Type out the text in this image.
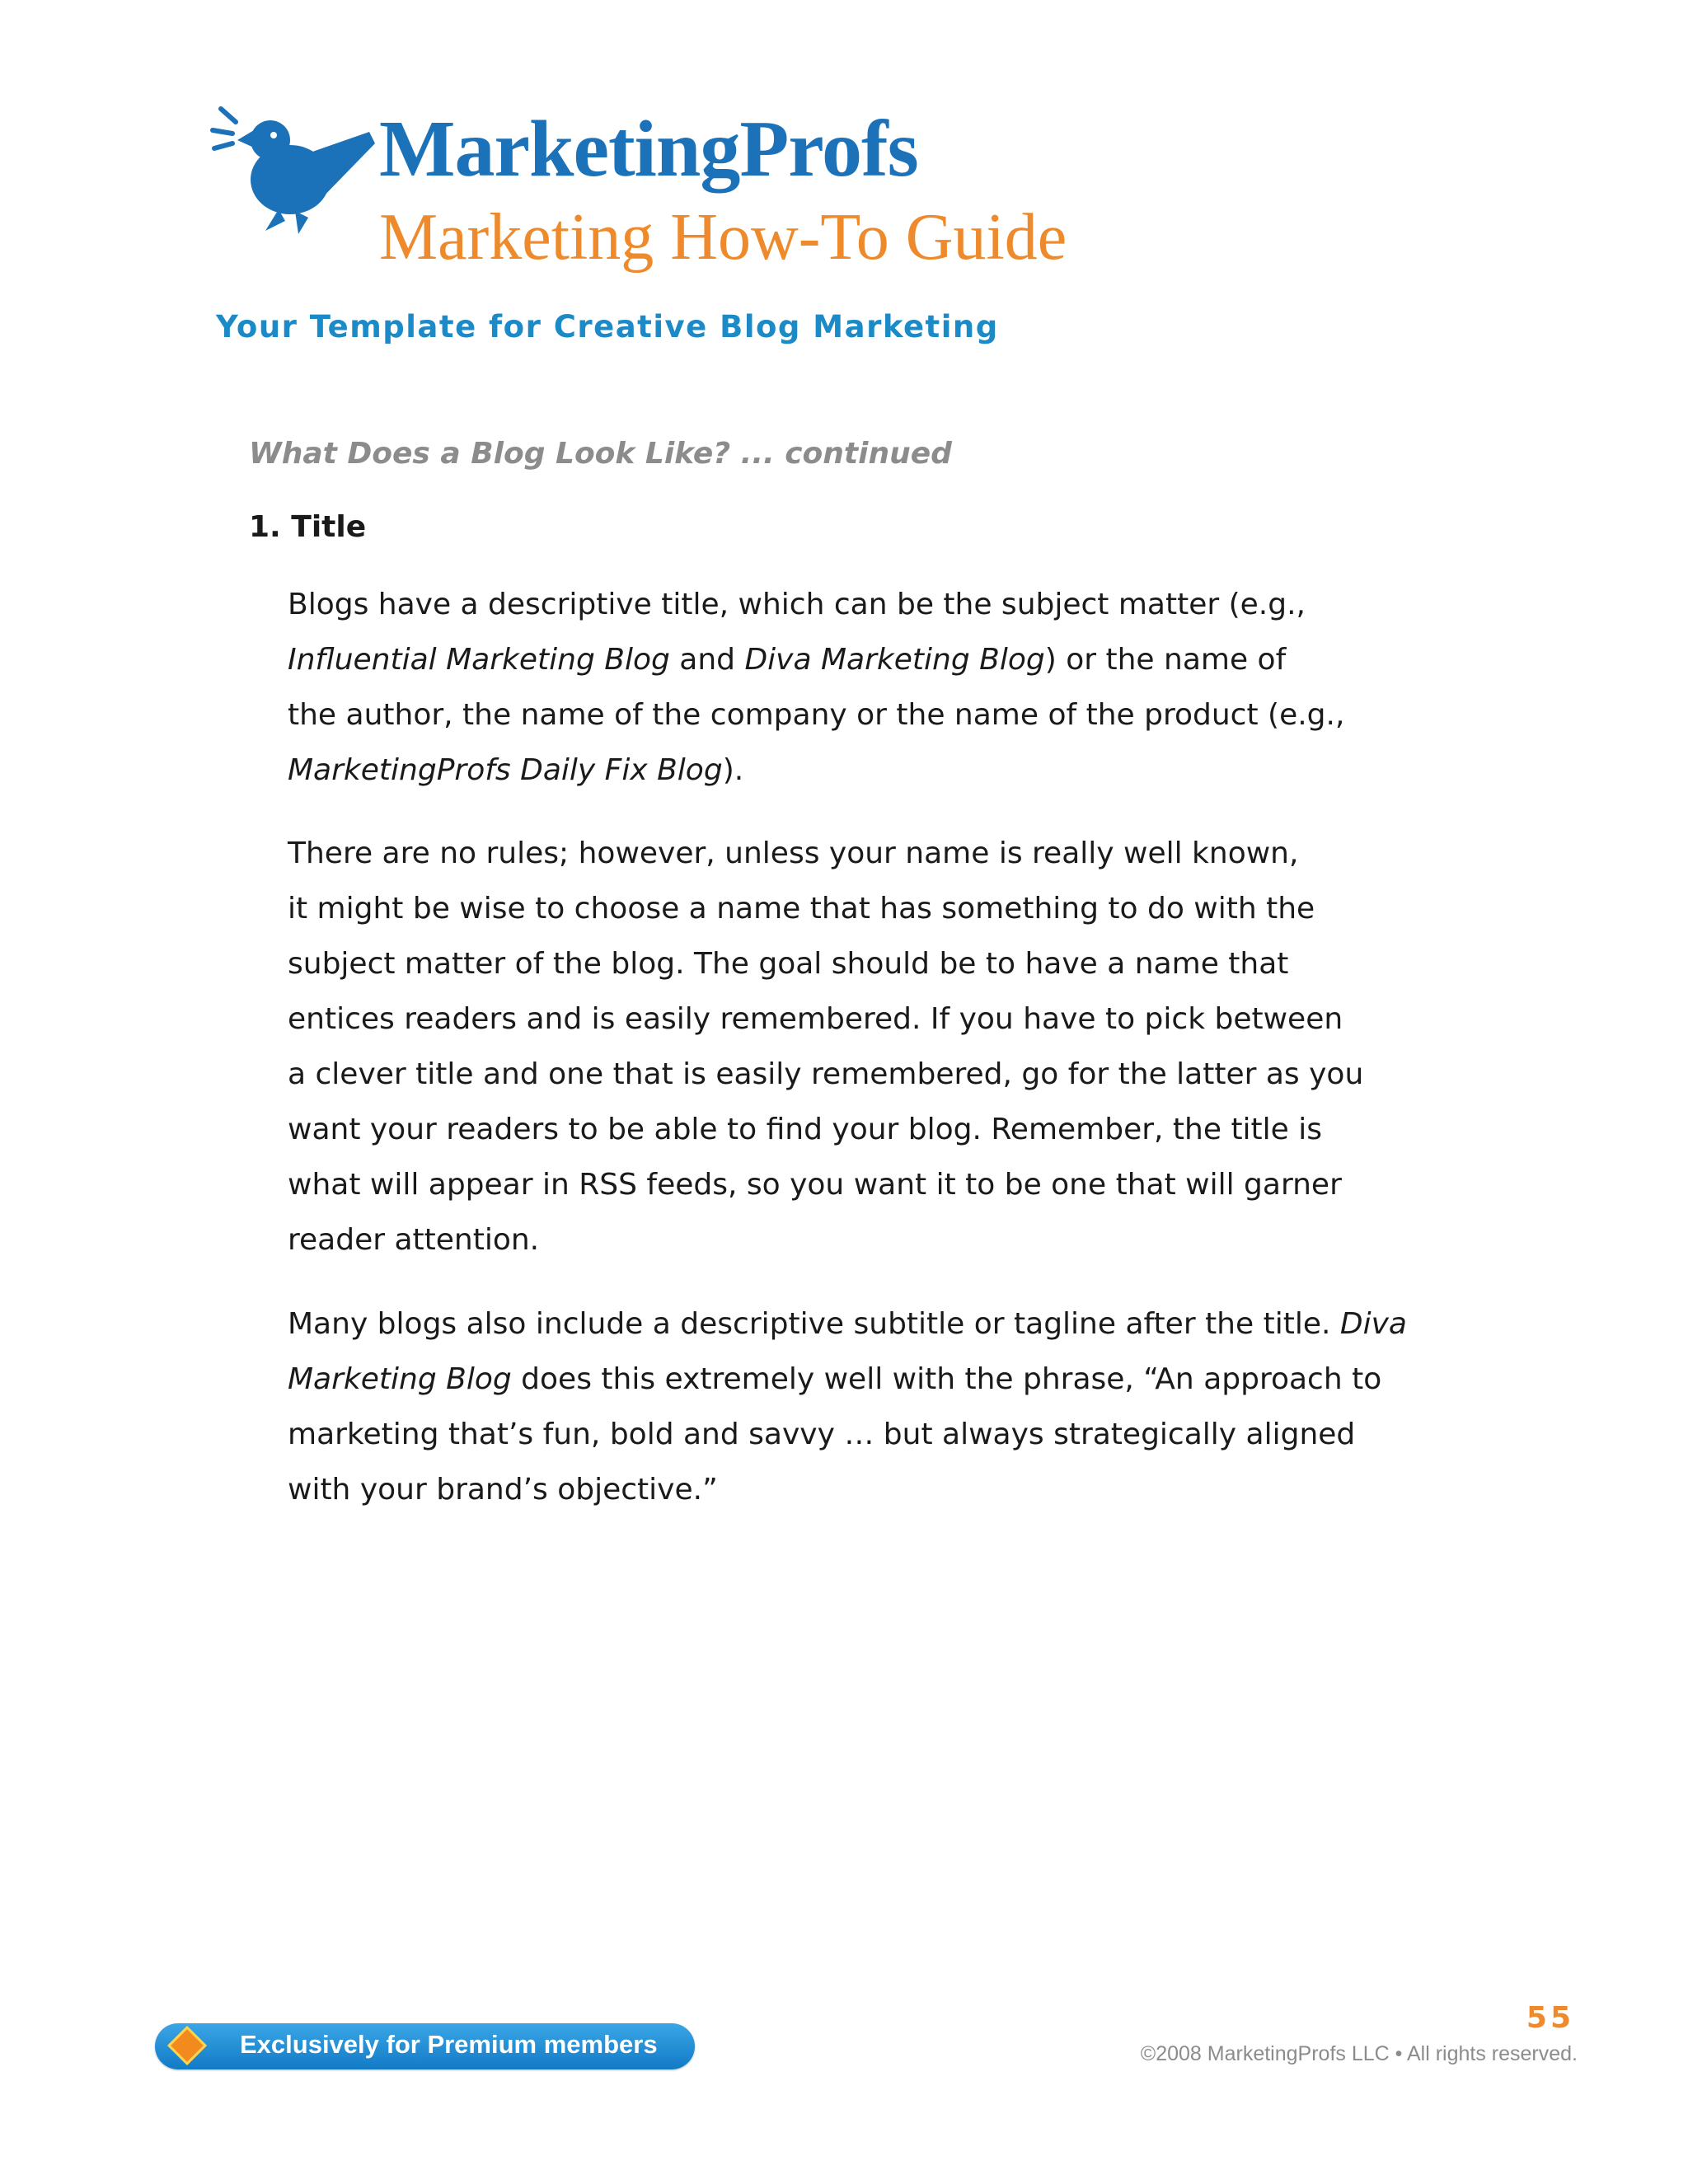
MarketingProfs
Marketing How-To Guide
Your Template for Creative Blog Marketing
What Does a Blog Look Like? ... continued
1. Title

Blogs have a descriptive title, which can be the subject matter (e.g.,
Influential Marketing Blog and Diva Marketing Blog) or the name of
the author, the name of the company or the name of the product (e.g.,
MarketingProfs Daily Fix Blog).

There are no rules; however, unless your name is really well known,
it might be wise to choose a name that has something to do with the
subject matter of the blog. The goal should be to have a name that
entices readers and is easily remembered. If you have to pick between
a clever title and one that is easily remembered, go for the latter as you
want your readers to be able to find your blog. Remember, the title is
what will appear in RSS feeds, so you want it to be one that will garner
reader attention.

Many blogs also include a descriptive subtitle or tagline after the title. Diva
Marketing Blog does this extremely well with the phrase, “An approach to
marketing that’s fun, bold and savvy … but always strategically aligned
with your brand’s objective.”

Exclusively for Premium members
55
©2008 MarketingProfs LLC • All rights reserved.
